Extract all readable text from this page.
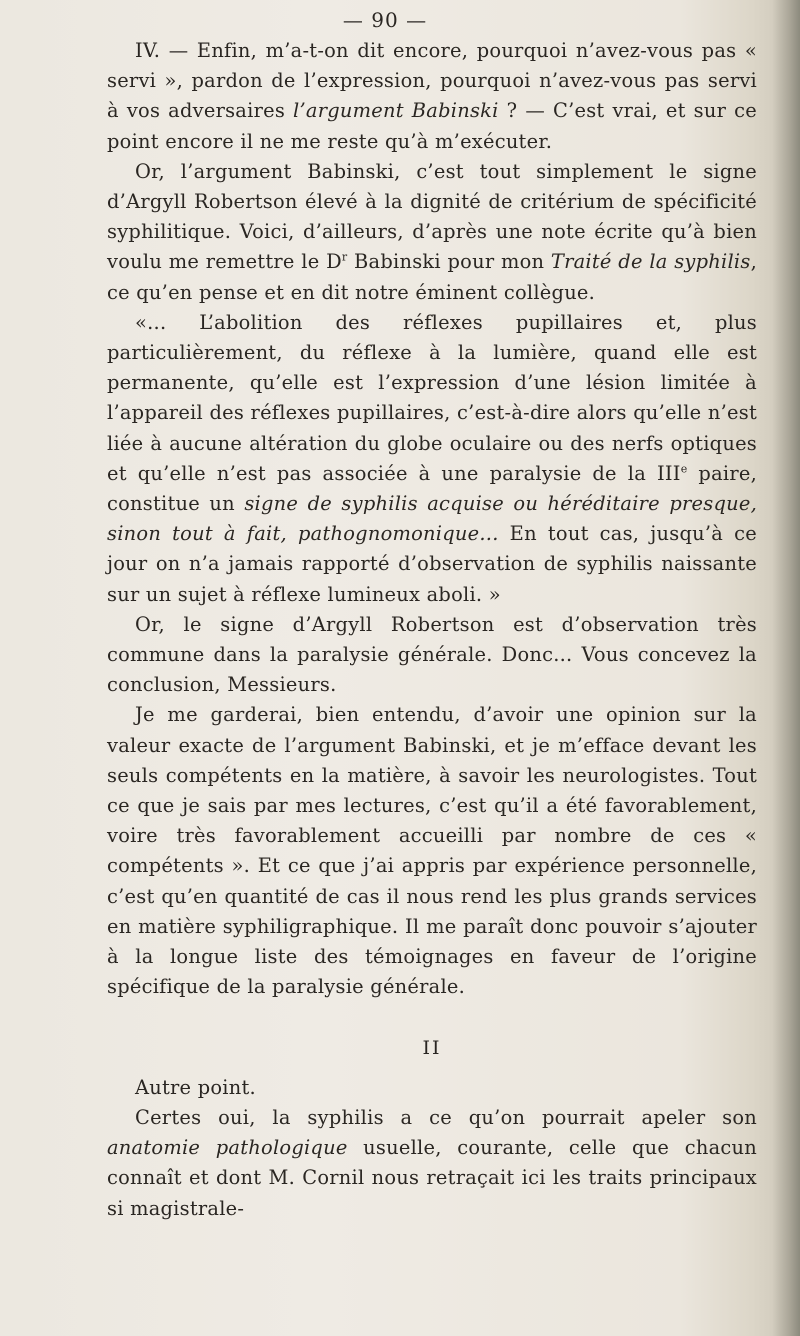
— 90 —

IV. — Enfin, m’a-t-on dit encore, pourquoi n’avez-vous pas « servi », pardon de l’expression, pourquoi n’avez-vous pas servi à vos adversaires l’argument Babinski ? — C’est vrai, et sur ce point encore il ne me reste qu’à m’exécuter.

Or, l’argument Babinski, c’est tout simplement le signe d’Argyll Robertson élevé à la dignité de critérium de spécificité syphilitique. Voici, d’ailleurs, d’après une note écrite qu’à bien voulu me remettre le $D^r$ Babinski pour mon Traité de la syphilis, ce qu’en pense et en dit notre éminent collègue.

«... L’abolition des réflexes pupillaires et, plus particulièrement, du réflexe à la lumière, quand elle est permanente, qu’elle est l’expression d’une lésion limitée à l’appareil des réflexes pupillaires, c’est-à-dire alors qu’elle n’est liée à aucune altération du globe oculaire ou des nerfs optiques et qu’elle n’est pas associée à une paralysie de la IIIe paire, constitue un signe de syphilis acquise ou héréditaire presque, sinon tout à fait, pathognomonique... En tout cas, jusqu’à ce jour on n’a jamais rapporté d’observation de syphilis naissante sur un sujet à réflexe lumineux aboli. »

Or, le signe d’Argyll Robertson est d’observation très commune dans la paralysie générale. Donc... Vous concevez la conclusion, Messieurs.

Je me garderai, bien entendu, d’avoir une opinion sur la valeur exacte de l’argument Babinski, et je m’efface devant les seuls compétents en la matière, à savoir les neurologistes. Tout ce que je sais par mes lectures, c’est qu’il a été favorablement, voire très favorablement accueilli par nombre de ces « compétents ». Et ce que j’ai appris par expérience personnelle, c’est qu’en quantité de cas il nous rend les plus grands services en matière syphiligraphique. Il me paraît donc pouvoir s’ajouter à la longue liste des témoignages en faveur de l’origine spécifique de la paralysie générale.

II

Autre point.

Certes oui, la syphilis a ce qu’on pourrait apeler son anatomie pathologique usuelle, courante, celle que chacun connaît et dont M. Cornil nous retraçait ici les traits principaux si magistrale-
